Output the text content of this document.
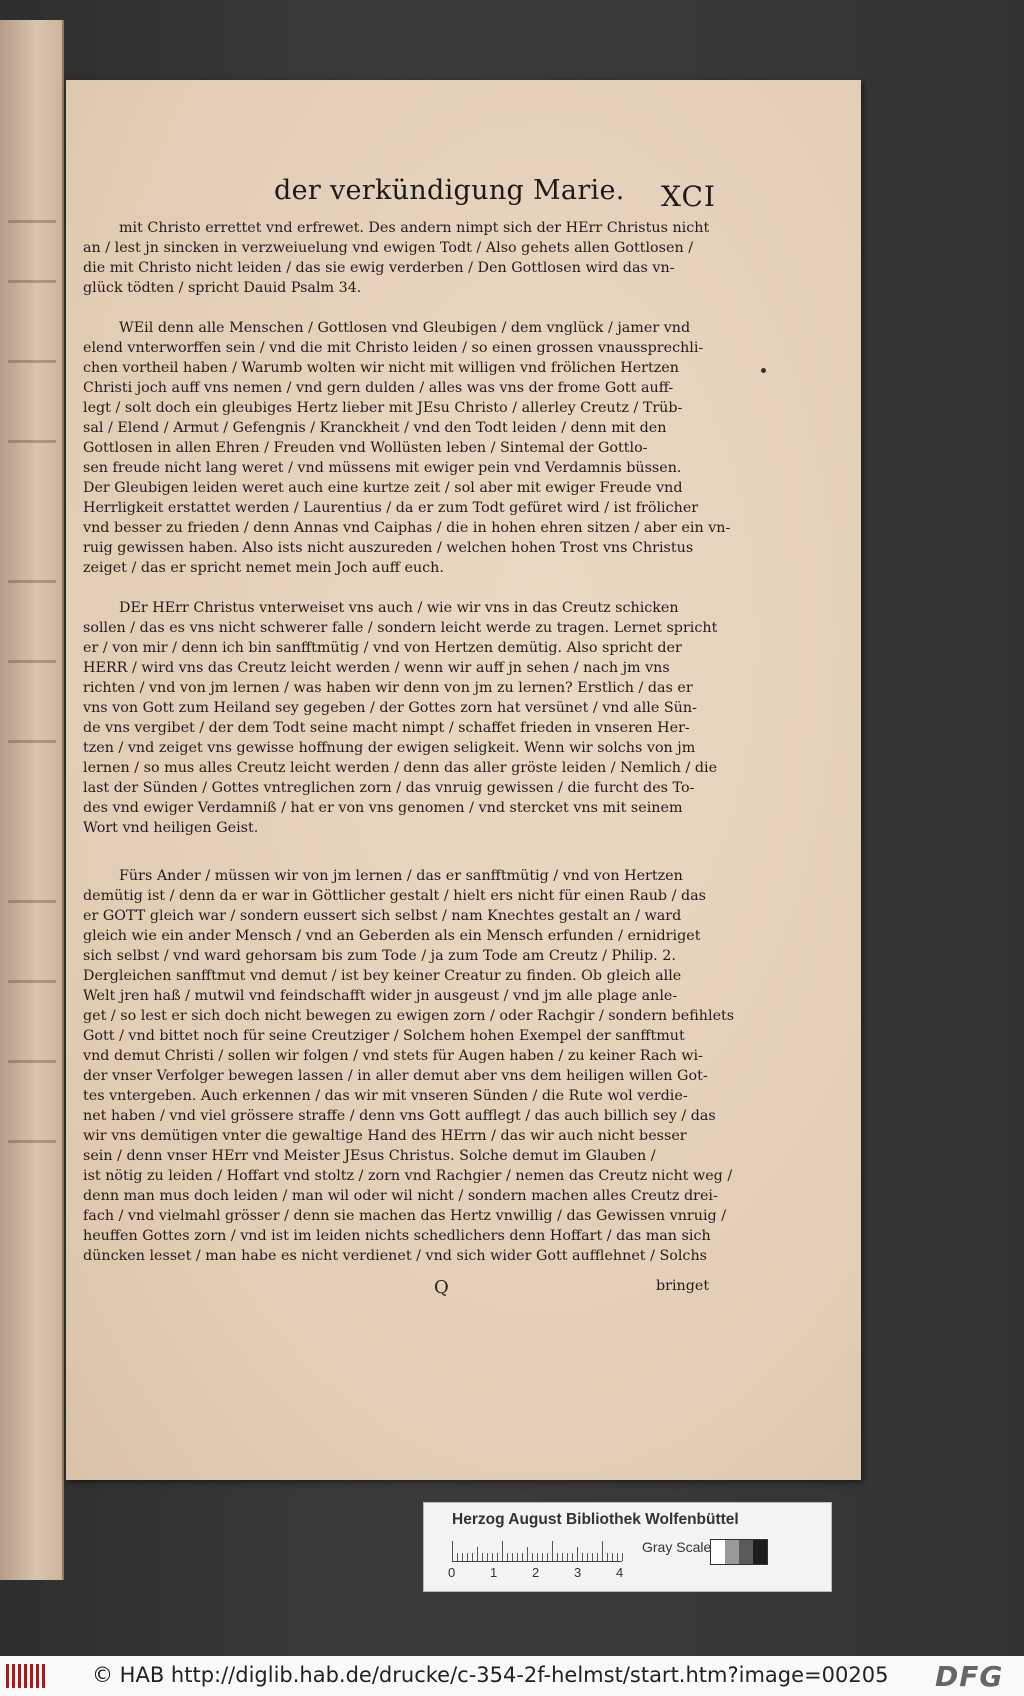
der verkündigung Marie.	XCI
mit Christo errettet vnd erfrewet. Des andern nimpt sich der HErr Christus nicht
an / lest jn sincken in verzweiuelung vnd ewigen Todt / Also gehets allen Gottlosen /
die mit Christo nicht leiden / das sie ewig verderben / Den Gottlosen wird das vn-
glück tödten / spricht Dauid Psalm 34.
WEil denn alle Menschen / Gottlosen vnd Gleubigen / dem vnglück / jamer vnd
elend vnterworffen sein / vnd die mit Christo leiden / so einen grossen vnaussprechli-
chen vortheil haben / Warumb wolten wir nicht mit willigen vnd frölichen Hertzen
Christi joch auff vns nemen / vnd gern dulden / alles was vns der frome Gott auff-
legt / solt doch ein gleubiges Hertz lieber mit JEsu Christo / allerley Creutz / Trüb-
sal / Elend / Armut / Gefengnis / Kranckheit / vnd den Todt leiden / denn mit den
Gottlosen in allen Ehren / Freuden vnd Wollüsten leben / Sintemal der Gottlo-
sen freude nicht lang weret / vnd müssens mit ewiger pein vnd Verdamnis büssen.
Der Gleubigen leiden weret auch eine kurtze zeit / sol aber mit ewiger Freude vnd
Herrligkeit erstattet werden / Laurentius / da er zum Todt gefüret wird / ist frölicher
vnd besser zu frieden / denn Annas vnd Caiphas / die in hohen ehren sitzen / aber ein vn-
ruig gewissen haben. Also ists nicht auszureden / welchen hohen Trost vns Christus
zeiget / das er spricht nemet mein Joch auff euch.
DEr HErr Christus vnterweiset vns auch / wie wir vns in das Creutz schicken
sollen / das es vns nicht schwerer falle / sondern leicht werde zu tragen. Lernet spricht
er / von mir / denn ich bin sanfftmütig / vnd von Hertzen demütig. Also spricht der
HERR / wird vns das Creutz leicht werden / wenn wir auff jn sehen / nach jm vns
richten / vnd von jm lernen / was haben wir denn von jm zu lernen? Erstlich / das er
vns von Gott zum Heiland sey gegeben / der Gottes zorn hat versünet / vnd alle Sün-
de vns vergibet / der dem Todt seine macht nimpt / schaffet frieden in vnseren Her-
tzen / vnd zeiget vns gewisse hoffnung der ewigen seligkeit. Wenn wir solchs von jm
lernen / so mus alles Creutz leicht werden / denn das aller gröste leiden / Nemlich / die
last der Sünden / Gottes vntreglichen zorn / das vnruig gewissen / die furcht des To-
des vnd ewiger Verdamniß / hat er von vns genomen / vnd stercket vns mit seinem
Wort vnd heiligen Geist.
Fürs Ander / müssen wir von jm lernen / das er sanfftmütig / vnd von Hertzen
demütig ist / denn da er war in Göttlicher gestalt / hielt ers nicht für einen Raub / das
er GOTT gleich war / sondern eussert sich selbst / nam Knechtes gestalt an / ward
gleich wie ein ander Mensch / vnd an Geberden als ein Mensch erfunden / ernidriget
sich selbst / vnd ward gehorsam bis zum Tode / ja zum Tode am Creutz / Philip. 2.
Dergleichen sanfftmut vnd demut / ist bey keiner Creatur zu finden. Ob gleich alle
Welt jren haß / mutwil vnd feindschafft wider jn ausgeust / vnd jm alle plage anle-
get / so lest er sich doch nicht bewegen zu ewigen zorn / oder Rachgir / sondern befihlets
Gott / vnd bittet noch für seine Creutziger / Solchem hohen Exempel der sanfftmut
vnd demut Christi / sollen wir folgen / vnd stets für Augen haben / zu keiner Rach wi-
der vnser Verfolger bewegen lassen / in aller demut aber vns dem heiligen willen Got-
tes vntergeben. Auch erkennen / das wir mit vnseren Sünden / die Rute wol verdie-
net haben / vnd viel grössere straffe / denn vns Gott aufflegt / das auch billich sey / das
wir vns demütigen vnter die gewaltige Hand des HErrn / das wir auch nicht besser
sein / denn vnser HErr vnd Meister JEsus Christus. Solche demut im Glauben /
ist nötig zu leiden / Hoffart vnd stoltz / zorn vnd Rachgier / nemen das Creutz nicht weg /
denn man mus doch leiden / man wil oder wil nicht / sondern machen alles Creutz drei-
fach / vnd vielmahl grösser / denn sie machen das Hertz vnwillig / das Gewissen vnruig /
heuffen Gottes zorn / vnd ist im leiden nichts schedlichers denn Hoffart / das man sich
düncken lesset / man habe es nicht verdienet / vnd sich wider Gott aufflehnet / Solchs
Q	bringet
Herzog August Bibliothek Wolfenbüttel
0	1	2	3	4
Gray Scale
© HAB http://diglib.hab.de/drucke/c-354-2f-helmst/start.htm?image=00205 DFG
